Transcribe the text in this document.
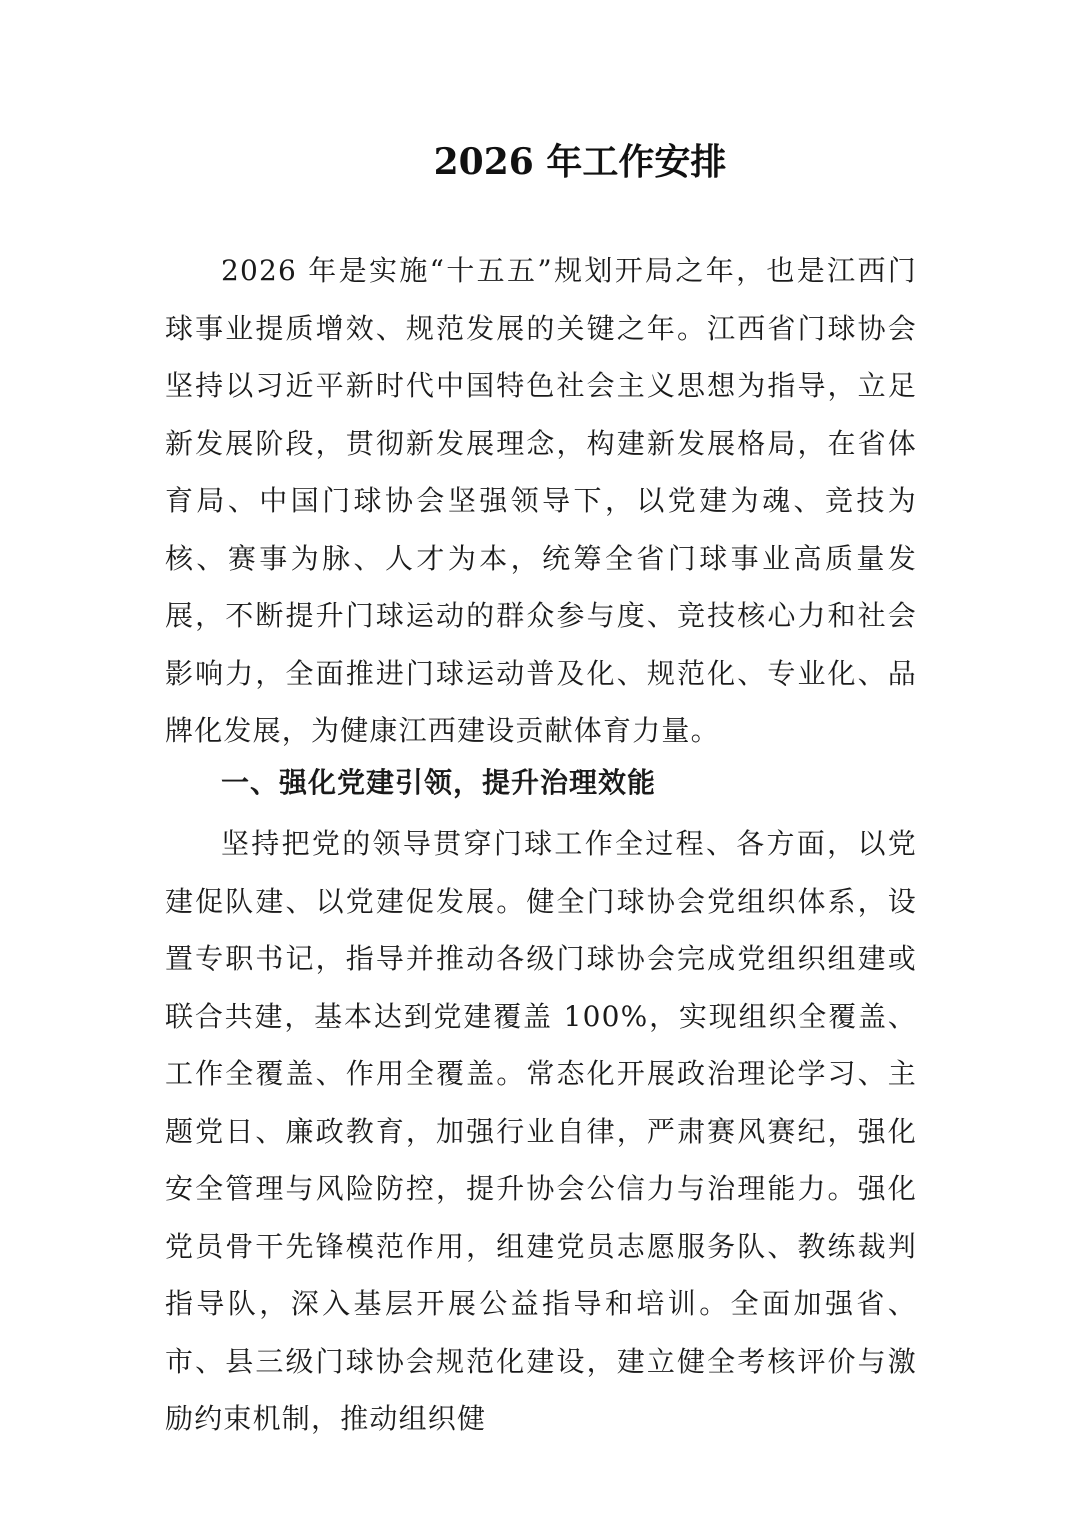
2026 年工作安排

2026 年是实施“十五五”规划开局之年，也是江西门球事业提质增效、规范发展的关键之年。江西省门球协会坚持以习近平新时代中国特色社会主义思想为指导，立足新发展阶段，贯彻新发展理念，构建新发展格局，在省体育局、中国门球协会坚强领导下，以党建为魂、竞技为核、赛事为脉、人才为本，统筹全省门球事业高质量发展，不断提升门球运动的群众参与度、竞技核心力和社会影响力，全面推进门球运动普及化、规范化、专业化、品牌化发展，为健康江西建设贡献体育力量。

一、强化党建引领，提升治理效能

坚持把党的领导贯穿门球工作全过程、各方面，以党建促队建、以党建促发展。健全门球协会党组织体系，设置专职书记，指导并推动各级门球协会完成党组织组建或联合共建，基本达到党建覆盖 100%，实现组织全覆盖、工作全覆盖、作用全覆盖。常态化开展政治理论学习、主题党日、廉政教育，加强行业自律，严肃赛风赛纪，强化安全管理与风险防控，提升协会公信力与治理能力。强化党员骨干先锋模范作用，组建党员志愿服务队、教练裁判指导队，深入基层开展公益指导和培训。全面加强省、市、县三级门球协会规范化建设，建立健全考核评价与激励约束机制，推动组织健
